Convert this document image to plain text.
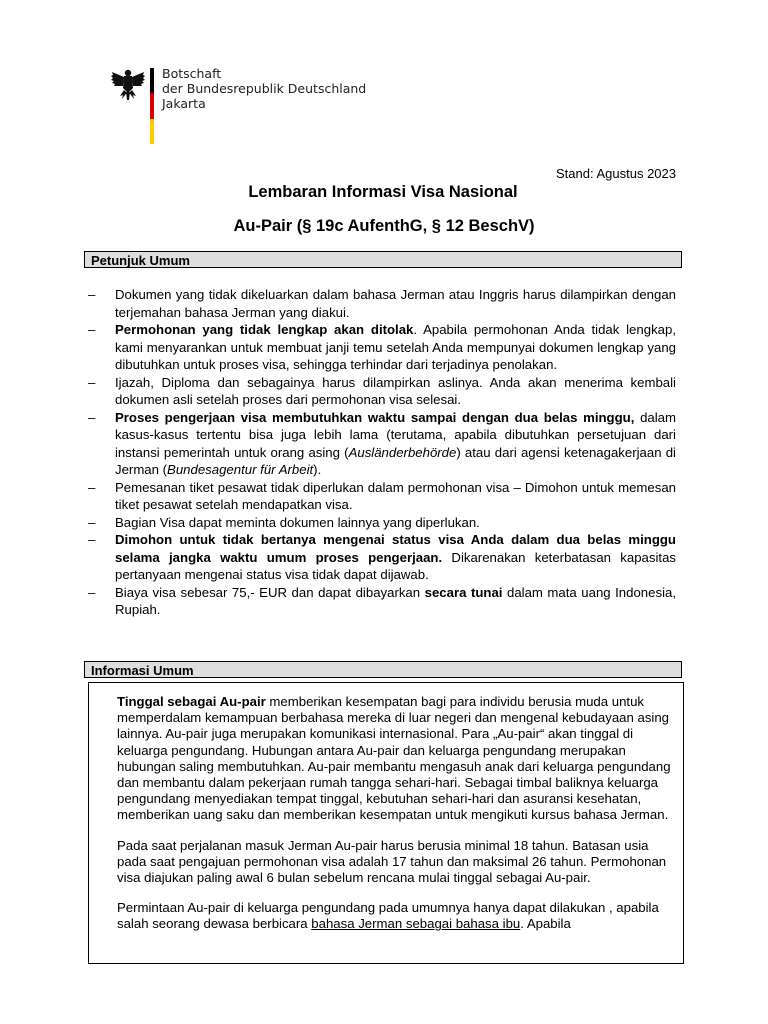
Botschaft
der Bundesrepublik Deutschland
Jakarta
Stand: Agustus 2023
Lembaran Informasi Visa Nasional
Au-Pair (§ 19c AufenthG, § 12 BeschV)
Petunjuk Umum
– Dokumen yang tidak dikeluarkan dalam bahasa Jerman atau Inggris harus dilampirkan dengan terjemahan bahasa Jerman yang diakui.
– Permohonan yang tidak lengkap akan ditolak. Apabila permohonan Anda tidak lengkap, kami menyarankan untuk membuat janji temu setelah Anda mempunyai dokumen lengkap yang dibutuhkan untuk proses visa, sehingga terhindar dari terjadinya penolakan.
– Ijazah, Diploma dan sebagainya harus dilampirkan aslinya. Anda akan menerima kembali dokumen asli setelah proses dari permohonan visa selesai.
– Proses pengerjaan visa membutuhkan waktu sampai dengan dua belas minggu, dalam kasus-kasus tertentu bisa juga lebih lama (terutama, apabila dibutuhkan persetujuan dari instansi pemerintah untuk orang asing (Ausländerbehörde) atau dari agensi ketenagakerjaan di Jerman (Bundesagentur für Arbeit).
– Pemesanan tiket pesawat tidak diperlukan dalam permohonan visa – Dimohon untuk memesan tiket pesawat setelah mendapatkan visa.
– Bagian Visa dapat meminta dokumen lainnya yang diperlukan.
– Dimohon untuk tidak bertanya mengenai status visa Anda dalam dua belas minggu selama jangka waktu umum proses pengerjaan. Dikarenakan keterbatasan kapasitas pertanyaan mengenai status visa tidak dapat dijawab.
– Biaya visa sebesar 75,- EUR dan dapat dibayarkan secara tunai dalam mata uang Indonesia, Rupiah.
Informasi Umum

Tinggal sebagai Au-pair memberikan kesempatan bagi para individu berusia muda untuk memperdalam kemampuan berbahasa mereka di luar negeri dan mengenal kebudayaan asing lainnya. Au-pair juga merupakan komunikasi internasional. Para „Au-pair“ akan tinggal di keluarga pengundang. Hubungan antara Au-pair dan keluarga pengundang merupakan hubungan saling membutuhkan. Au-pair membantu mengasuh anak dari keluarga pengundang dan membantu dalam pekerjaan rumah tangga sehari-hari. Sebagai timbal baliknya keluarga pengundang menyediakan tempat tinggal, kebutuhan sehari-hari dan asuransi kesehatan, memberikan uang saku dan memberikan kesempatan untuk mengikuti kursus bahasa Jerman.

Pada saat perjalanan masuk Jerman Au-pair harus berusia minimal 18 tahun. Batasan usia pada saat pengajuan permohonan visa adalah 17 tahun dan maksimal 26 tahun. Permohonan visa diajukan paling awal 6 bulan sebelum rencana mulai tinggal sebagai Au-pair.

Permintaan Au-pair di keluarga pengundang pada umumnya hanya dapat dilakukan , apabila salah seorang dewasa berbicara bahasa Jerman sebagai bahasa ibu. Apabila
